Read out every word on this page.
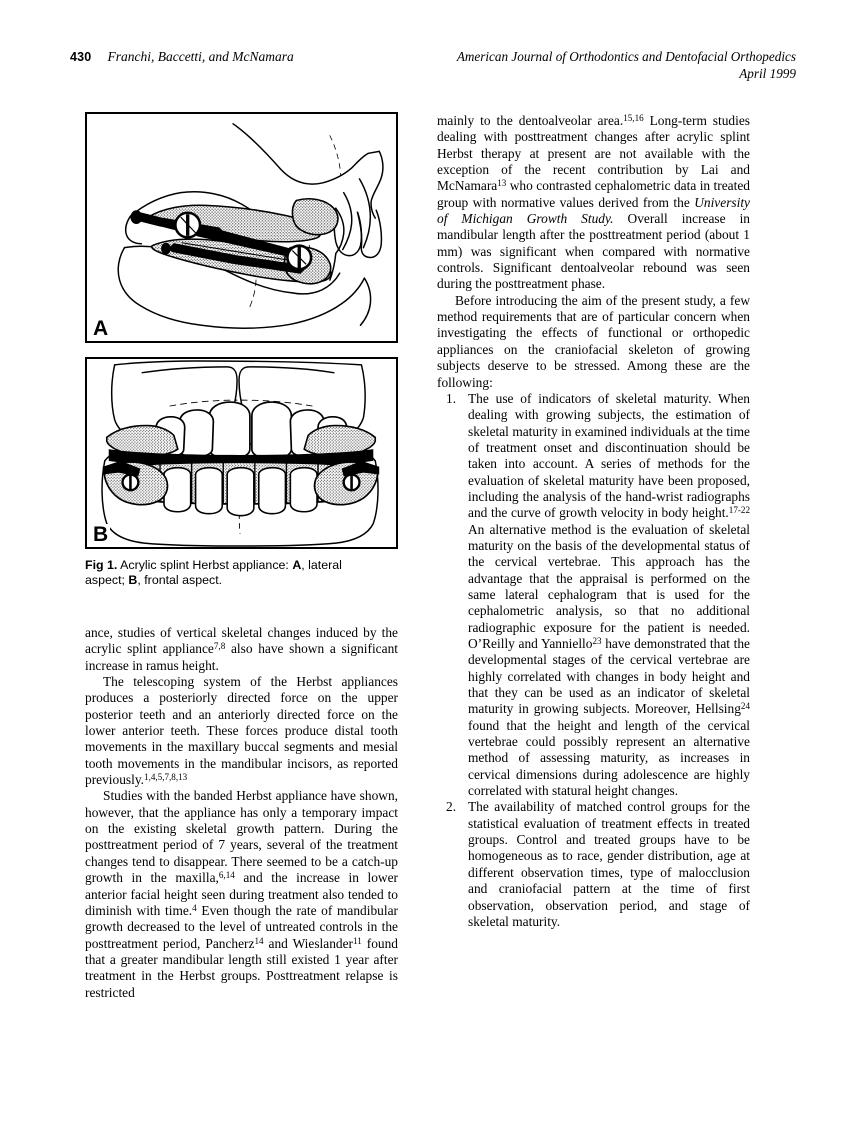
430 Franchi, Baccetti, and McNamara	American Journal of Orthodontics and Dentofacial Orthopedics
April 1999
A
B
Fig 1. Acrylic splint Herbst appliance: A, lateral aspect; B, frontal aspect.

ance, studies of vertical skeletal changes induced by the acrylic splint appliance$^{7,8}$ also have shown a significant increase in ramus height.

The telescoping system of the Herbst appliances produces a posteriorly directed force on the upper posterior teeth and an anteriorly directed force on the lower anterior teeth. These forces produce distal tooth movements in the maxillary buccal segments and mesial tooth movements in the mandibular incisors, as reported previously.$^{1,4,5,7,8,13}$

Studies with the banded Herbst appliance have shown, however, that the appliance has only a temporary impact on the existing skeletal growth pattern. During the posttreatment period of 7 years, several of the treatment changes tend to disappear. There seemed to be a catch-up growth in the maxilla,$^{6,14}$ and the increase in lower anterior facial height seen during treatment also tended to diminish with time.$^4$ Even though the rate of mandibular growth decreased to the level of untreated controls in the posttreatment period, Pancherz$^{14}$ and Wieslander$^{11}$ found that a greater mandibular length still existed 1 year after treatment in the Herbst groups. Posttreatment relapse is restricted

mainly to the dentoalveolar area.$^{15,16}$ Long-term studies dealing with posttreatment changes after acrylic splint Herbst therapy at present are not available with the exception of the recent contribution by Lai and McNamara$^{13}$ who contrasted cephalometric data in treated group with normative values derived from the University of Michigan Growth Study. Overall increase in mandibular length after the posttreatment period (about 1 mm) was significant when compared with normative controls. Significant dentoalveolar rebound was seen during the posttreatment phase.

Before introducing the aim of the present study, a few method requirements that are of particular concern when investigating the effects of functional or orthopedic appliances on the craniofacial skeleton of growing subjects deserve to be stressed. Among these are the following:

1. The use of indicators of skeletal maturity. When dealing with growing subjects, the estimation of skeletal maturity in examined individuals at the time of treatment onset and discontinuation should be taken into account. A series of methods for the evaluation of skeletal maturity have been proposed, including the analysis of the hand-wrist radiographs and the curve of growth velocity in body height.$^{17-22}$ An alternative method is the evaluation of skeletal maturity on the basis of the developmental status of the cervical vertebrae. This approach has the advantage that the appraisal is performed on the same lateral cephalogram that is used for the cephalometric analysis, so that no additional radiographic exposure for the patient is needed. O’Reilly and Yanniello$^{23}$ have demonstrated that the developmental stages of the cervical vertebrae are highly correlated with changes in body height and that they can be used as an indicator of skeletal maturity in growing subjects. Moreover, Hellsing$^{24}$ found that the height and length of the cervical vertebrae could possibly represent an alternative method of assessing maturity, as increases in cervical dimensions during adolescence are highly correlated with statural height changes.
2. The availability of matched control groups for the statistical evaluation of treatment effects in treated groups. Control and treated groups have to be homogeneous as to race, gender distribution, age at different observation times, type of malocclusion and craniofacial pattern at the time of first observation, observation period, and stage of skeletal maturity.
